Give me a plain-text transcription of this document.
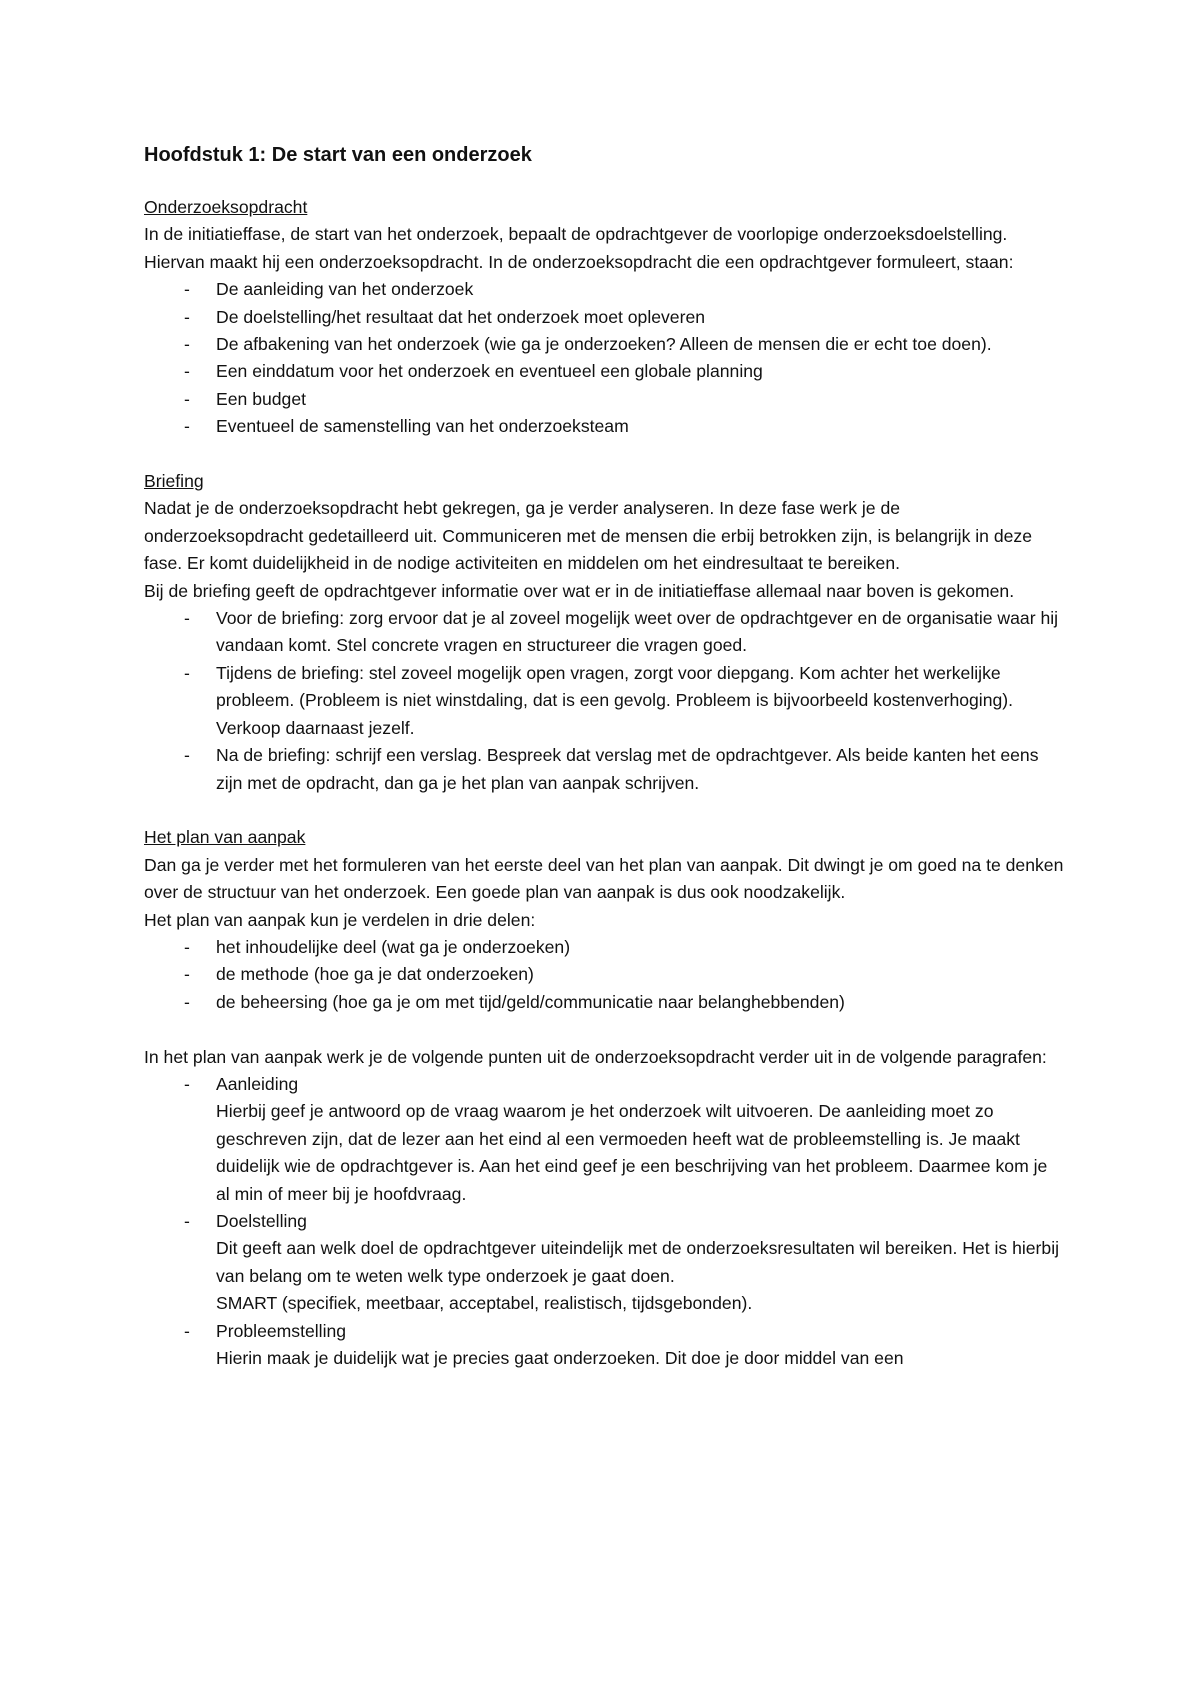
Hoofdstuk 1: De start van een onderzoek

Onderzoeksopdracht

In de initiatieffase, de start van het onderzoek, bepaalt de opdrachtgever de voorlopige onderzoeksdoelstelling. Hiervan maakt hij een onderzoeksopdracht. In de onderzoeksopdracht die een opdrachtgever formuleert, staan:

- De aanleiding van het onderzoek
- De doelstelling/het resultaat dat het onderzoek moet opleveren
- De afbakening van het onderzoek (wie ga je onderzoeken? Alleen de mensen die er echt toe doen).
- Een einddatum voor het onderzoek en eventueel een globale planning
- Een budget
- Eventueel de samenstelling van het onderzoeksteam

Briefing

Nadat je de onderzoeksopdracht hebt gekregen, ga je verder analyseren. In deze fase werk je de onderzoeksopdracht gedetailleerd uit. Communiceren met de mensen die erbij betrokken zijn, is belangrijk in deze fase. Er komt duidelijkheid in de nodige activiteiten en middelen om het eindresultaat te bereiken.

Bij de briefing geeft de opdrachtgever informatie over wat er in de initiatieffase allemaal naar boven is gekomen.

- Voor de briefing: zorg ervoor dat je al zoveel mogelijk weet over de opdrachtgever en de organisatie waar hij vandaan komt. Stel concrete vragen en structureer die vragen goed.
- Tijdens de briefing: stel zoveel mogelijk open vragen, zorgt voor diepgang. Kom achter het werkelijke probleem. (Probleem is niet winstdaling, dat is een gevolg. Probleem is bijvoorbeeld kostenverhoging). Verkoop daarnaast jezelf.
- Na de briefing: schrijf een verslag. Bespreek dat verslag met de opdrachtgever. Als beide kanten het eens zijn met de opdracht, dan ga je het plan van aanpak schrijven.

Het plan van aanpak

Dan ga je verder met het formuleren van het eerste deel van het plan van aanpak. Dit dwingt je om goed na te denken over de structuur van het onderzoek. Een goede plan van aanpak is dus ook noodzakelijk.

Het plan van aanpak kun je verdelen in drie delen:

- het inhoudelijke deel (wat ga je onderzoeken)
- de methode (hoe ga je dat onderzoeken)
- de beheersing (hoe ga je om met tijd/geld/communicatie naar belanghebbenden)

In het plan van aanpak werk je de volgende punten uit de onderzoeksopdracht verder uit in de volgende paragrafen:

- Aanleiding
Hierbij geef je antwoord op de vraag waarom je het onderzoek wilt uitvoeren. De aanleiding moet zo geschreven zijn, dat de lezer aan het eind al een vermoeden heeft wat de probleemstelling is. Je maakt duidelijk wie de opdrachtgever is. Aan het eind geef je een beschrijving van het probleem. Daarmee kom je al min of meer bij je hoofdvraag.
- Doelstelling
Dit geeft aan welk doel de opdrachtgever uiteindelijk met de onderzoeksresultaten wil bereiken. Het is hierbij van belang om te weten welk type onderzoek je gaat doen.
SMART (specifiek, meetbaar, acceptabel, realistisch, tijdsgebonden).
- Probleemstelling
Hierin maak je duidelijk wat je precies gaat onderzoeken. Dit doe je door middel van een
